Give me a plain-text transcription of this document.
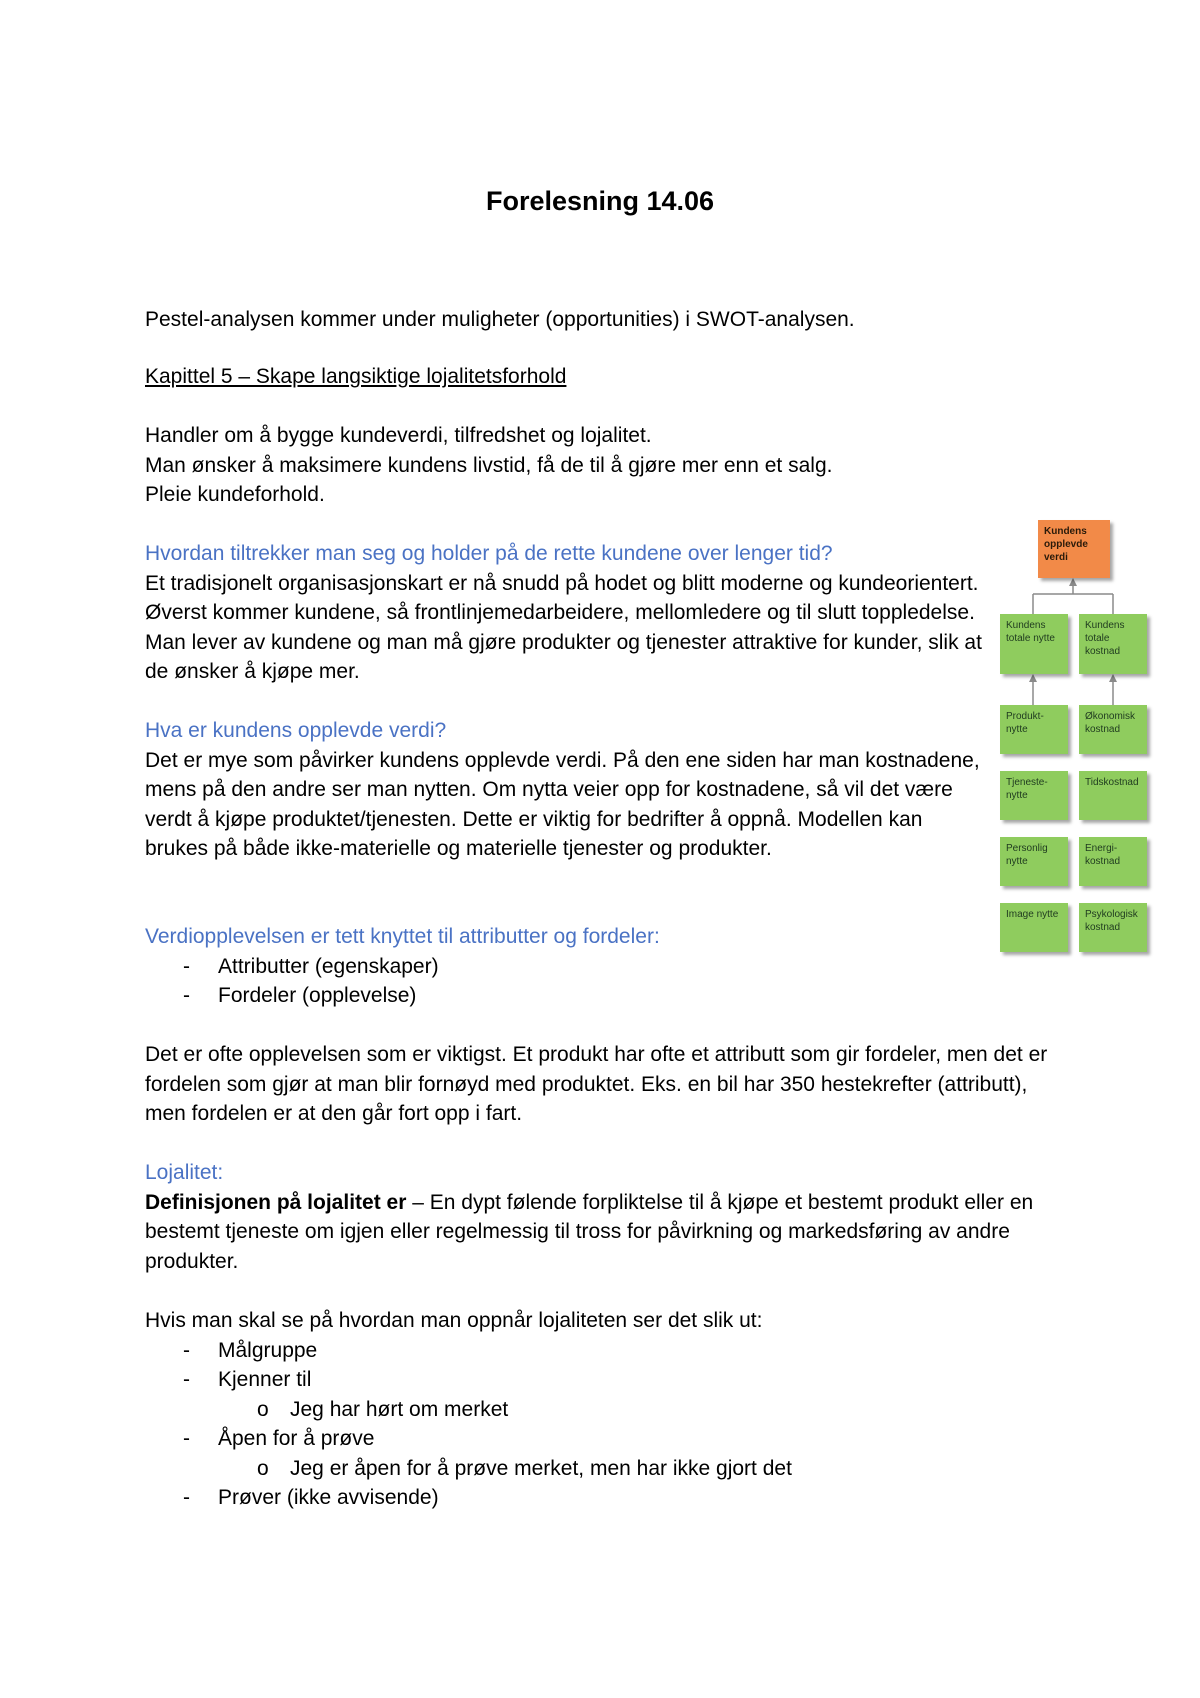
Forelesning 14.06

Pestel-analysen kommer under muligheter (opportunities) i SWOT-analysen.

Kapittel 5 – Skape langsiktige lojalitetsforhold

Handler om å bygge kundeverdi, tilfredshet og lojalitet.

Man ønsker å maksimere kundens livstid, få de til å gjøre mer enn et salg.

Pleie kundeforhold.

Hvordan tiltrekker man seg og holder på de rette kundene over lenger tid?

Et tradisjonelt organisasjonskart er nå snudd på hodet og blitt moderne og kundeorientert. Øverst kommer kundene, så frontlinjemedarbeidere, mellomledere og til slutt toppledelse. Man lever av kundene og man må gjøre produkter og tjenester attraktive for kunder, slik at de ønsker å kjøpe mer.

Hva er kundens opplevde verdi?

Det er mye som påvirker kundens opplevde verdi. På den ene siden har man kostnadene, mens på den andre ser man nytten. Om nytta veier opp for kostnadene, så vil det være verdt å kjøpe produktet/tjenesten. Dette er viktig for bedrifter å oppnå. Modellen kan brukes på både ikke-materielle og materielle tjenester og produkter.

Verdiopplevelsen er tett knyttet til attributter og fordeler:

- Attributter (egenskaper)
- Fordeler (opplevelse)

Det er ofte opplevelsen som er viktigst. Et produkt har ofte et attributt som gir fordeler, men det er fordelen som gjør at man blir fornøyd med produktet. Eks. en bil har 350 hestekrefter (attributt), men fordelen er at den går fort opp i fart.

Lojalitet:

Definisjonen på lojalitet er – En dypt følende forpliktelse til å kjøpe et bestemt produkt eller en bestemt tjeneste om igjen eller regelmessig til tross for påvirkning og markedsføring av andre produkter.

Hvis man skal se på hvordan man oppnår lojaliteten ser det slik ut:

- Målgruppe
- Kjenner til
o Jeg har hørt om merket
- Åpen for å prøve
o Jeg er åpen for å prøve merket, men har ikke gjort det
- Prøver (ikke avvisende)
Kundens opplevde verdi
Kundens totale nytte
Kundens totale kostnad
Produkt-nytte
Tjeneste-nytte
Personlig nytte
Image nytte
Økonomisk kostnad
Tidskostnad
Energi-kostnad
Psykologisk kostnad
